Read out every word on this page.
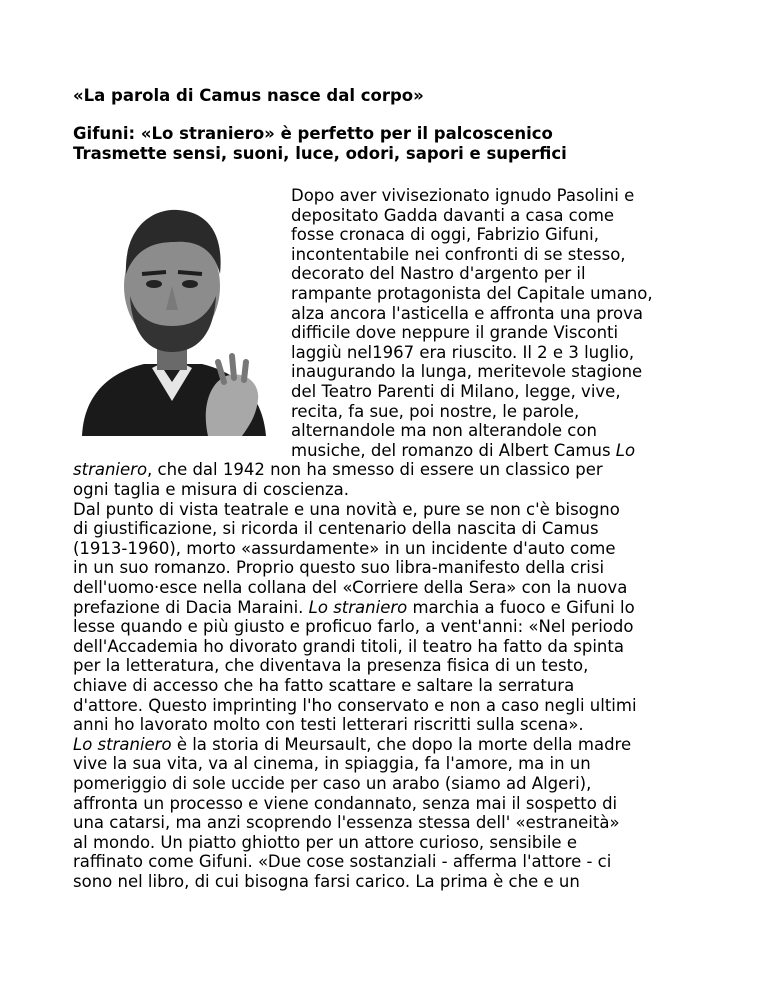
«La parola di Camus nasce dal corpo»
Gifuni: «Lo straniero» è perfetto per il palcoscenico
Trasmette sensi, suoni, luce, odori, sapori e superfici
Dopo aver vivisezionato ignudo Pasolini e
depositato Gadda davanti a casa come
fosse cronaca di oggi, Fabrizio Gifuni,
incontentabile nei confronti di se stesso,
decorato del Nastro d'argento per il
rampante protagonista del Capitale umano,
alza ancora l'asticella e affronta una prova
difficile dove neppure il grande Visconti
laggiù nel1967 era riuscito. Il 2 e 3 luglio,
inaugurando la lunga, meritevole stagione
del Teatro Parenti di Milano, legge, vive,
recita, fa sue, poi nostre, le parole,
alternandole ma non alterandole con
musiche, del romanzo di Albert Camus Lo
straniero, che dal 1942 non ha smesso di essere un classico per
ogni taglia e misura di coscienza.
Dal punto di vista teatrale e una novità e, pure se non c'è bisogno
di giustificazione, si ricorda il centenario della nascita di Camus
(1913-1960), morto «assurdamente» in un incidente d'auto come
in un suo romanzo. Proprio questo suo libra-manifesto della crisi
dell'uomo·esce nella collana del «Corriere della Sera» con la nuova
prefazione di Dacia Maraini. Lo straniero marchia a fuoco e Gifuni lo
lesse quando e più giusto e proficuo farlo, a vent'anni: «Nel periodo
dell'Accademia ho divorato grandi titoli, il teatro ha fatto da spinta
per la letteratura, che diventava la presenza fisica di un testo,
chiave di accesso che ha fatto scattare e saltare la serratura
d'attore. Questo imprinting l'ho conservato e non a caso negli ultimi
anni ho lavorato molto con testi letterari riscritti sulla scena».
Lo straniero è la storia di Meursault, che dopo la morte della madre
vive la sua vita, va al cinema, in spiaggia, fa l'amore, ma in un
pomeriggio di sole uccide per caso un arabo (siamo ad Algeri),
affronta un processo e viene condannato, senza mai il sospetto di
una catarsi, ma anzi scoprendo l'essenza stessa dell' «estraneità»
al mondo. Un piatto ghiotto per un attore curioso, sensibile e
raffinato come Gifuni. «Due cose sostanziali - afferma l'attore - ci
sono nel libro, di cui bisogna farsi carico. La prima è che e un
